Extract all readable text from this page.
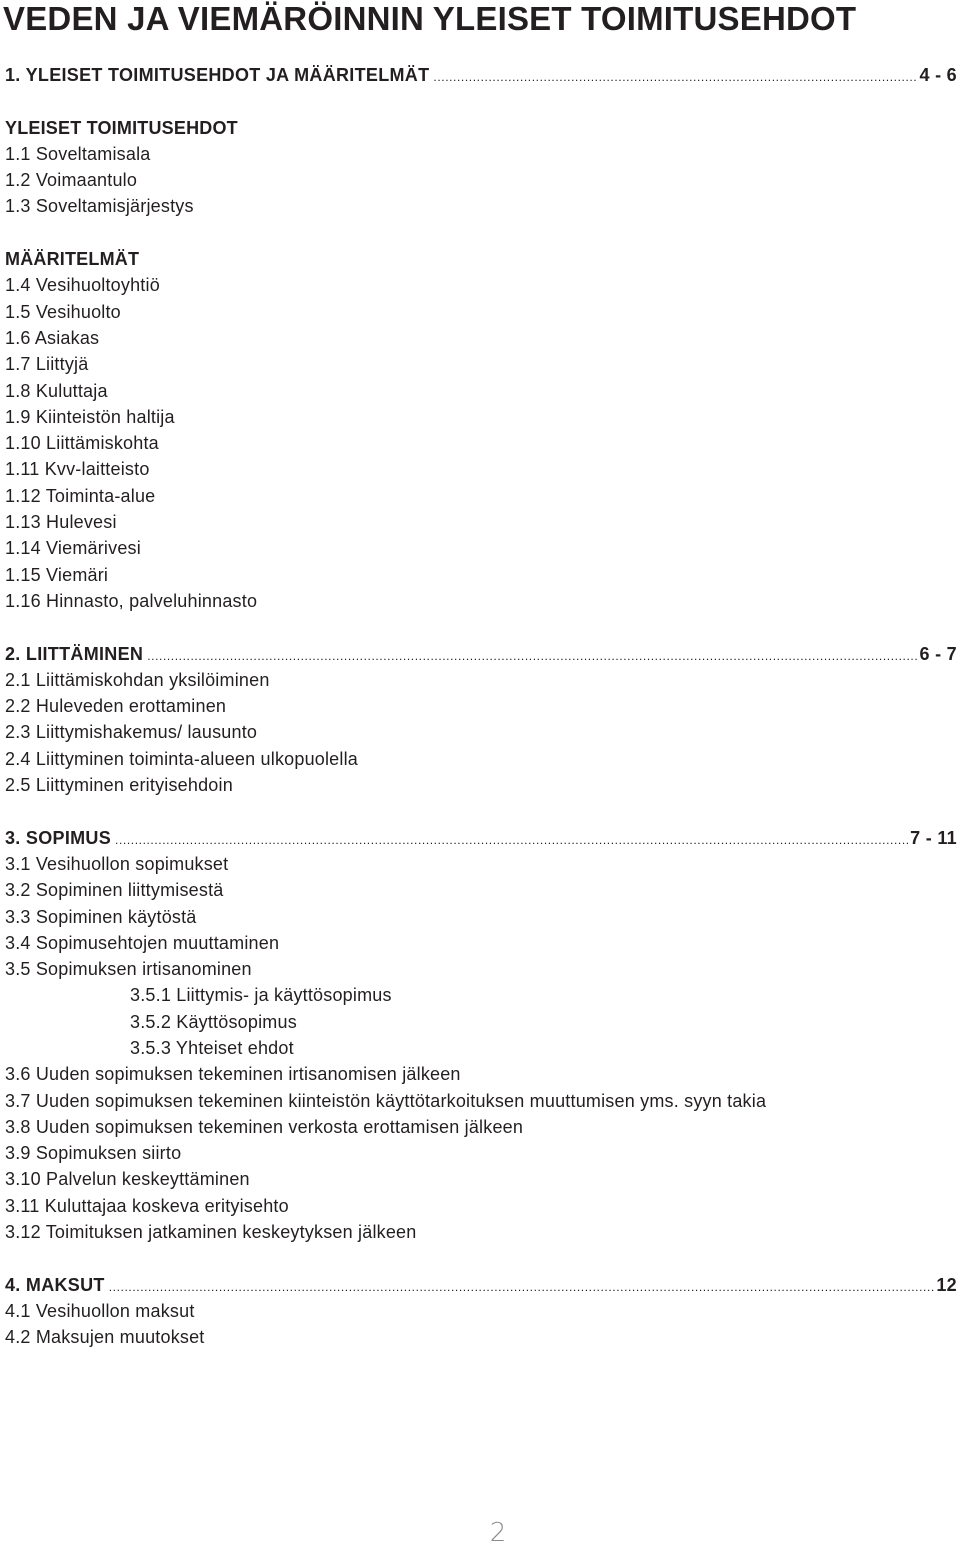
VEDEN JA VIEMÄRÖINNIN YLEISET TOIMITUSEHDOT
1. YLEISET TOIMITUSEHDOT JA MÄÄRITELMÄT .....	4 - 6
YLEISET TOIMITUSEHDOT
1.1 Soveltamisala
1.2 Voimaantulo
1.3 Soveltamisjärjestys
MÄÄRITELMÄT
1.4 Vesihuoltoyhtiö
1.5 Vesihuolto
1.6 Asiakas
1.7 Liittyjä
1.8 Kuluttaja
1.9 Kiinteistön haltija
1.10 Liittämiskohta
1.11 Kvv-laitteisto
1.12 Toiminta-alue
1.13 Hulevesi
1.14 Viemärivesi
1.15 Viemäri
1.16 Hinnasto, palveluhinnasto
2. LIITTÄMINEN .....	6 - 7
2.1 Liittämiskohdan yksilöiminen
2.2 Huleveden erottaminen
2.3 Liittymishakemus/ lausunto
2.4 Liittyminen toiminta-alueen ulkopuolella
2.5 Liittyminen erityisehdoin
3. SOPIMUS .....	7 - 11
3.1 Vesihuollon sopimukset
3.2 Sopiminen liittymisestä
3.3 Sopiminen käytöstä
3.4 Sopimusehtojen muuttaminen
3.5 Sopimuksen irtisanominen
3.5.1 Liittymis- ja käyttösopimus
3.5.2 Käyttösopimus
3.5.3 Yhteiset ehdot
3.6 Uuden sopimuksen tekeminen irtisanomisen jälkeen
3.7 Uuden sopimuksen tekeminen kiinteistön käyttötarkoituksen muuttumisen yms. syyn takia
3.8 Uuden sopimuksen tekeminen verkosta erottamisen jälkeen
3.9 Sopimuksen siirto
3.10 Palvelun keskeyttäminen
3.11 Kuluttajaa koskeva erityisehto
3.12 Toimituksen jatkaminen keskeytyksen jälkeen
4. MAKSUT .....	12
4.1 Vesihuollon maksut
4.2 Maksujen muutokset
2
